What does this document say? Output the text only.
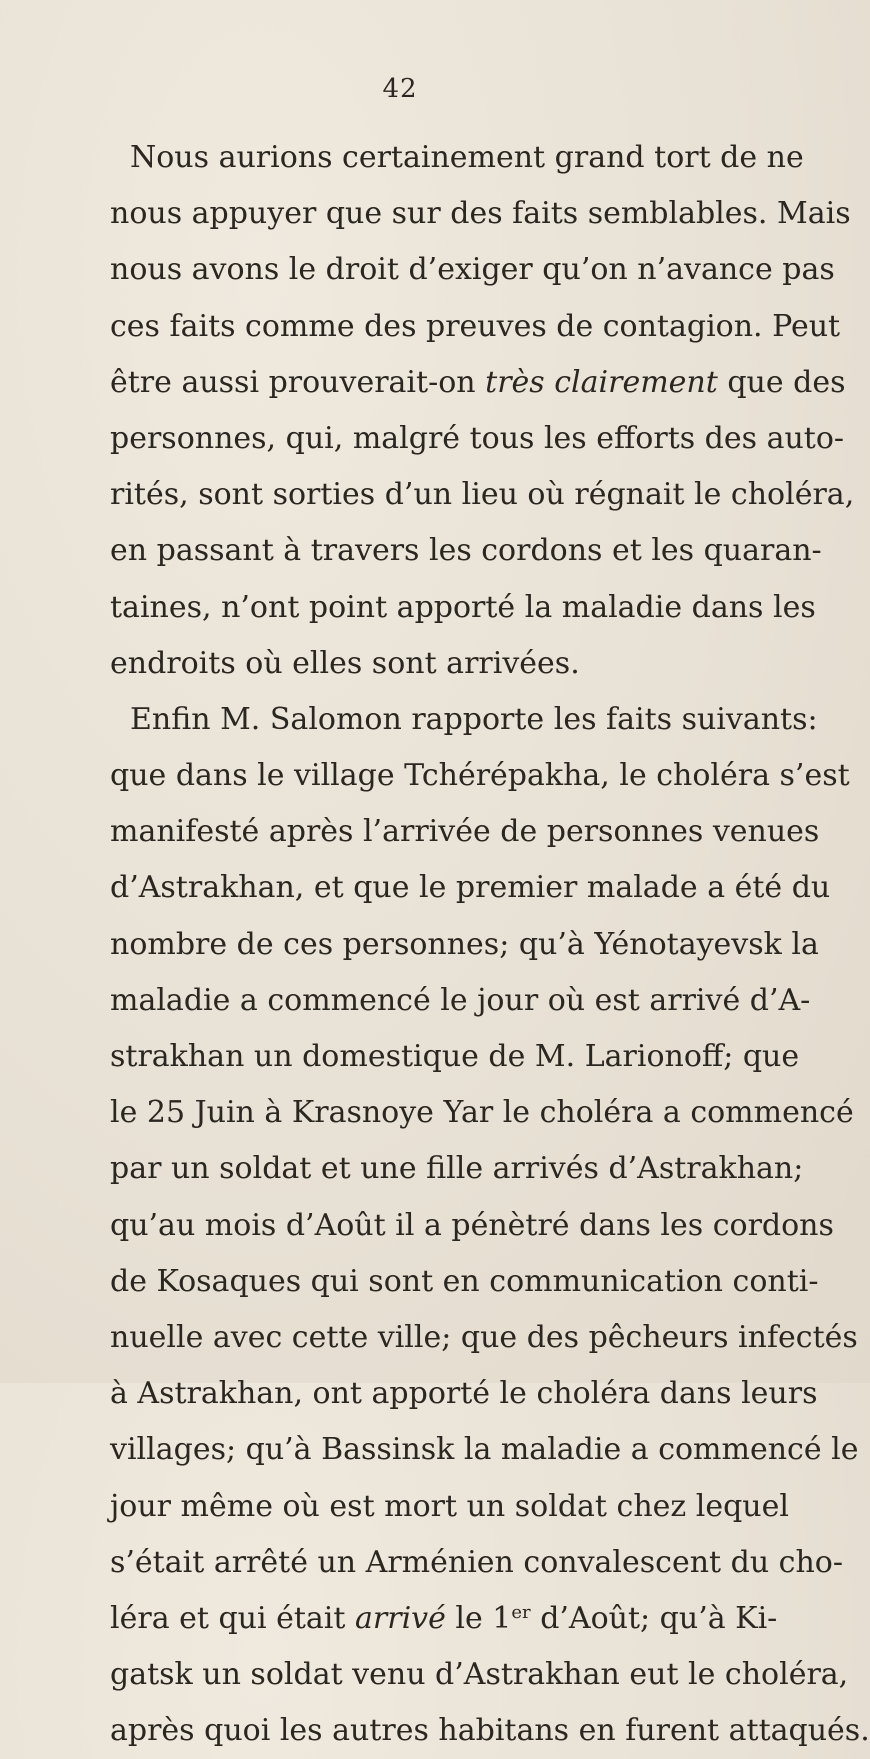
42
Nous aurions certainement grand tort de ne
nous appuyer que sur des faits semblables. Mais
nous avons le droit d’exiger qu’on n’avance pas
ces faits comme des preuves de contagion. Peut
être aussi prouverait-on très clairement que des
personnes, qui, malgré tous les efforts des auto-
rités, sont sorties d’un lieu où régnait le choléra,
en passant à travers les cordons et les quaran-
taines, n’ont point apporté la maladie dans les
endroits où elles sont arrivées.
Enfin M. Salomon rapporte les faits suivants:
que dans le village Tchérépakha, le choléra s’est
manifesté après l’arrivée de personnes venues
d’Astrakhan, et que le premier malade a été du
nombre de ces personnes; qu’à Yénotayevsk la
maladie a commencé le jour où est arrivé d’A-
strakhan un domestique de M. Larionoff; que
le 25 Juin à Krasnoye Yar le choléra a commencé
par un soldat et une fille arrivés d’Astrakhan;
qu’au mois d’Août il a pénètré dans les cordons
de Kosaques qui sont en communication conti-
nuelle avec cette ville; que des pêcheurs infectés
à Astrakhan, ont apporté le choléra dans leurs
villages; qu’à Bassinsk la maladie a commencé le
jour même où est mort un soldat chez lequel
s’était arrêté un Arménien convalescent du cho-
léra et qui était arrivé le 1er d’Août; qu’à Ki-
gatsk un soldat venu d’Astrakhan eut le choléra,
après quoi les autres habitans en furent attaqués.
